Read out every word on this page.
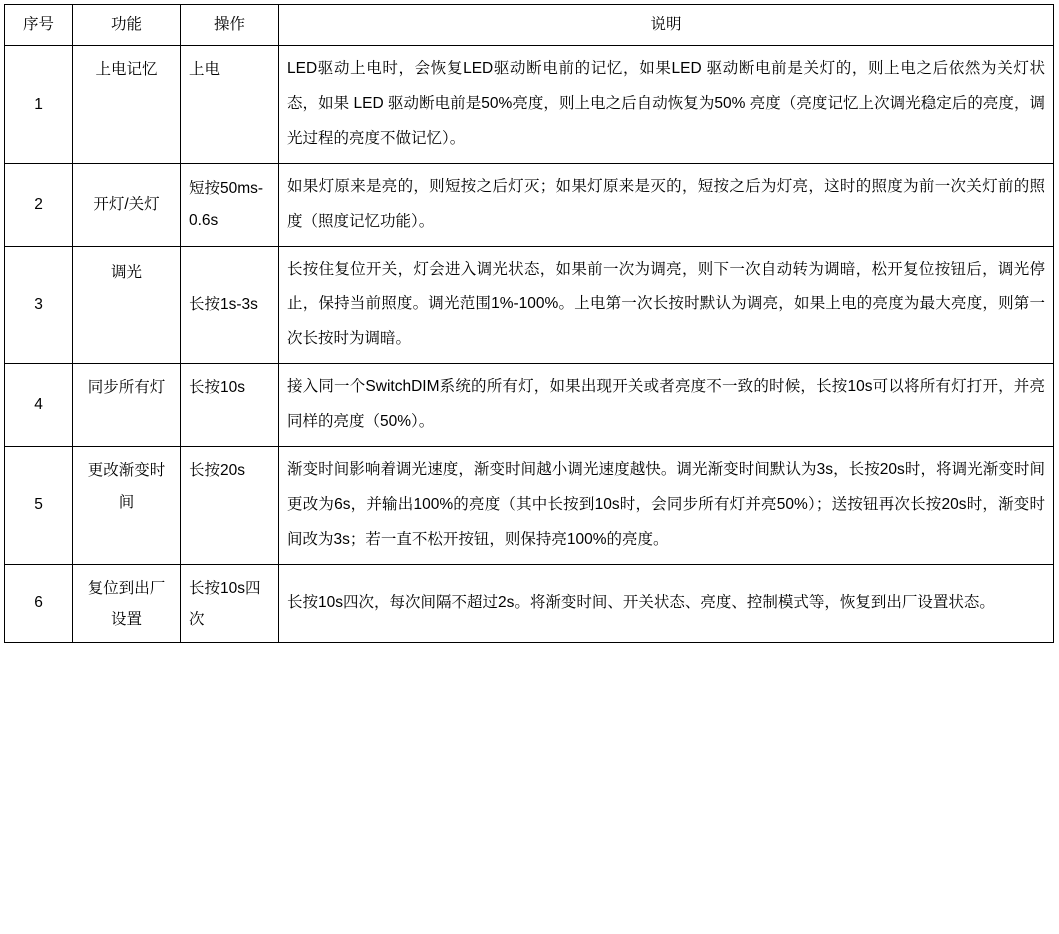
序号	功能	操作	说明
1	上电记忆	上电	LED驱动上电时，会恢复LED驱动断电前的记忆，如果LED 驱动断电前是关灯的，则上电之后依然为关灯状态，如果 LED 驱动断电前是50%亮度，则上电之后自动恢复为50% 亮度（亮度记忆上次调光稳定后的亮度，调光过程的亮度不做记忆）。
2	开灯/关灯	短按50ms-0.6s	如果灯原来是亮的，则短按之后灯灭；如果灯原来是灭的，短按之后为灯亮，这时的照度为前一次关灯前的照度（照度记忆功能）。
3	调光	长按1s-3s	长按住复位开关，灯会进入调光状态，如果前一次为调亮，则下一次自动转为调暗，松开复位按钮后，调光停止，保持当前照度。调光范围1%-100%。上电第一次长按时默认为调亮，如果上电的亮度为最大亮度，则第一次长按时为调暗。
4	同步所有灯	长按10s	接入同一个SwitchDIM系统的所有灯，如果出现开关或者亮度不一致的时候，长按10s可以将所有灯打开，并亮同样的亮度（50%）。
5	更改渐变时间	长按20s	渐变时间影响着调光速度，渐变时间越小调光速度越快。调光渐变时间默认为3s，长按20s时，将调光渐变时间更改为6s，并输出100%的亮度（其中长按到10s时，会同步所有灯并亮50%）；送按钮再次长按20s时，渐变时间改为3s；若一直不松开按钮，则保持亮100%的亮度。
6	复位到出厂设置	长按10s四次	长按10s四次，每次间隔不超过2s。将渐变时间、开关状态、亮度、控制模式等，恢复到出厂设置状态。
